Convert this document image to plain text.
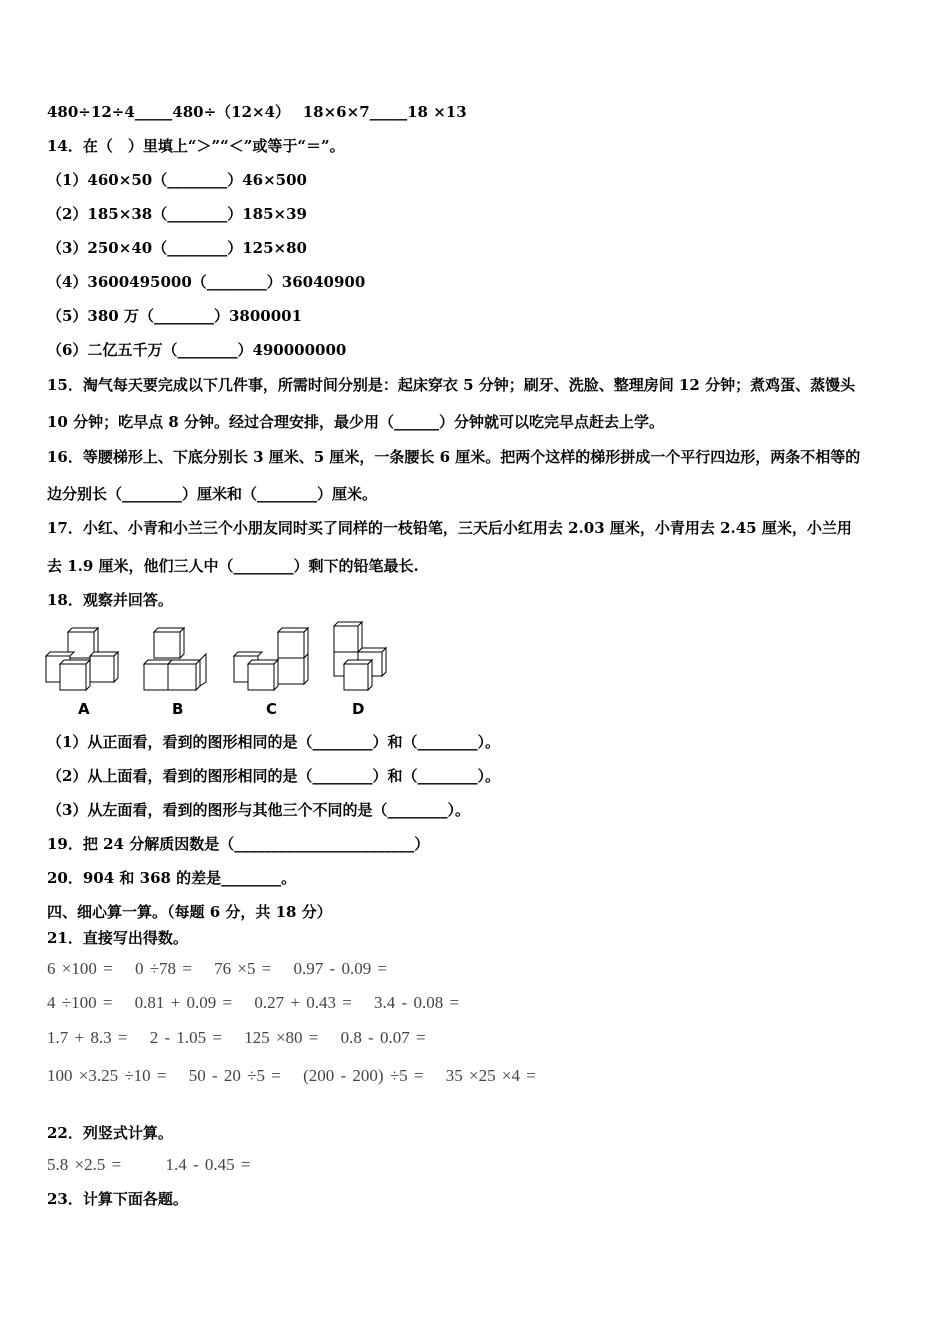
480÷12÷4_____480÷（12×4）　 18×6×7_____18 ×13
14．在（　）里填上“＞”“＜”或等于“＝”。
（1）460×50（________）46×500
（2）185×38（________）185×39
（3）250×40（________）125×80
（4）3600495000（________）36040900
（5）380 万（________）3800001
（6）二亿五千万（________）490000000
15．淘气每天要完成以下几件事，所需时间分别是：起床穿衣 5 分钟；刷牙、洗脸、整理房间 12 分钟；煮鸡蛋、蒸馒头
10 分钟；吃早点 8 分钟。经过合理安排，最少用（______）分钟就可以吃完早点赶去上学。
16．等腰梯形上、下底分别长 3 厘米、5 厘米，一条腰长 6 厘米。把两个这样的梯形拼成一个平行四边形，两条不相等的
边分别长（________）厘米和（________）厘米。
17．小红、小青和小兰三个小朋友同时买了同样的一枝铅笔，三天后小红用去 2.03 厘米，小青用去 2.45 厘米，小兰用
去 1.9 厘米，他们三人中（________）剩下的铅笔最长.
18．观察并回答。
A	B	C	D
（1）从正面看，看到的图形相同的是（________）和（________）。
（2）从上面看，看到的图形相同的是（________）和（________）。
（3）从左面看，看到的图形与其他三个不同的是（________）。
19．把 24 分解质因数是（________________________）
20．904 和 368 的差是________。
四、细心算一算。（每题 6 分，共 18 分）
21．直接写出得数。
6 ×100 = 0 ÷78 = 76 ×5 = 0.97 - 0.09 =
4 ÷100 = 0.81 + 0.09 = 0.27 + 0.43 = 3.4 - 0.08 =
1.7 + 8.3 = 2 - 1.05 = 125 ×80 = 0.8 - 0.07 =
100 ×3.25 ÷10 = 50 - 20 ÷5 = (200 - 200) ÷5 = 35 ×25 ×4 =
22．列竖式计算。
5.8 ×2.5 =	1.4 - 0.45 =
23．计算下面各题。
